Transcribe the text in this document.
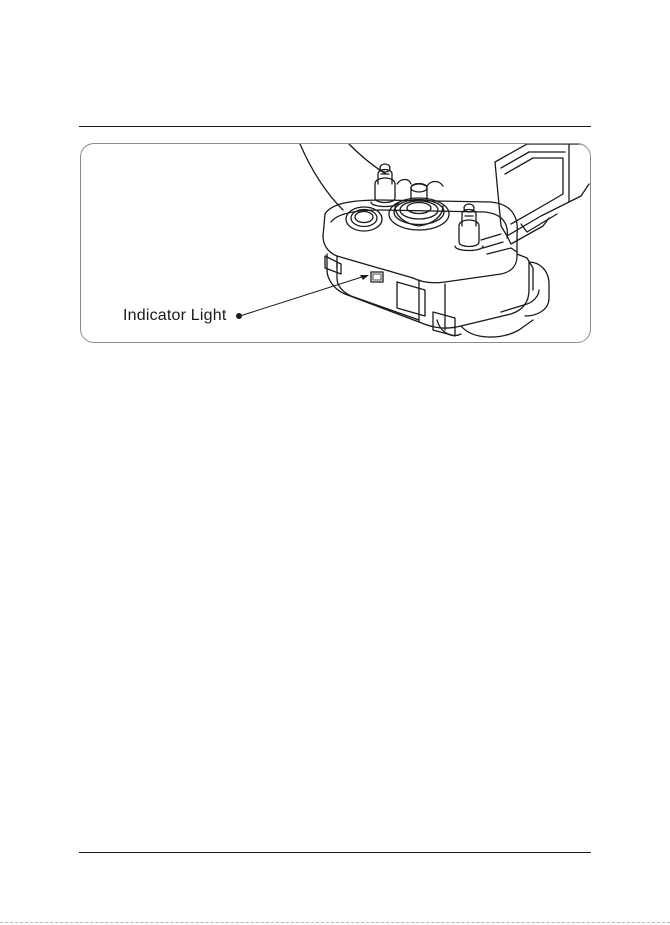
Indicator Light
